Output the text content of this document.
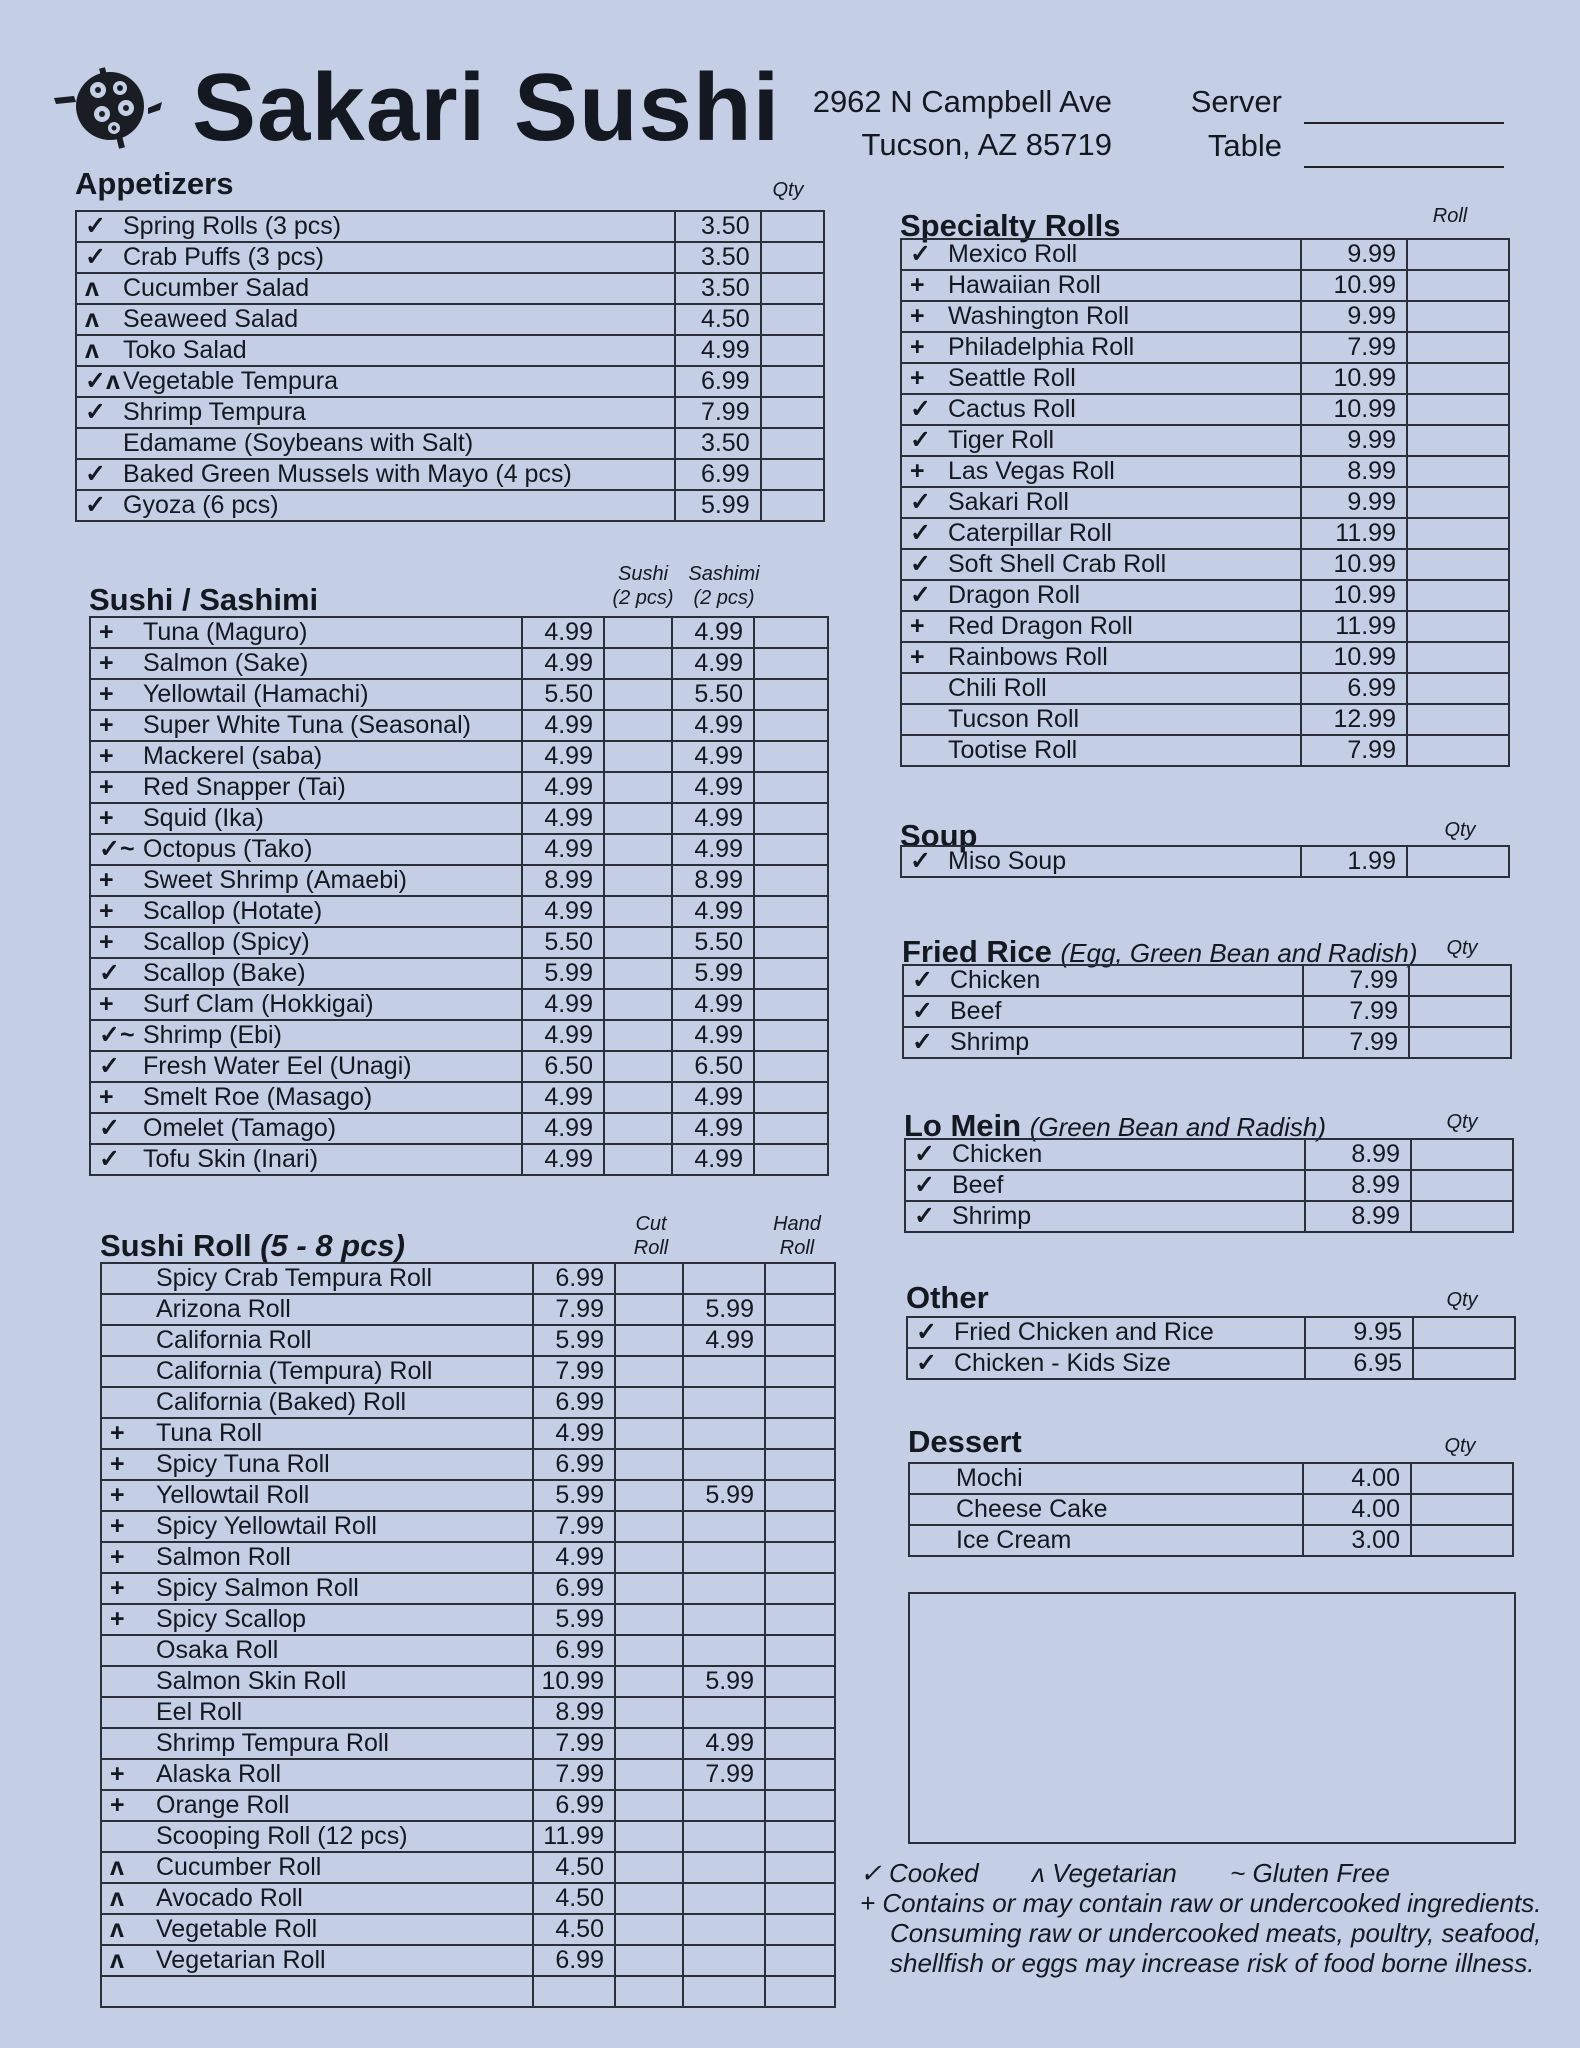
Sakari Sushi	2962 N Campbell Ave
Tucson, AZ 85719
Server
Table
Appetizers	Qty
✓ Spring Rolls (3 pcs)	3.50	
✓ Crab Puffs (3 pcs)	3.50	
ʌ Cucumber Salad	3.50	
ʌ Seaweed Salad	4.50	
ʌ Toko Salad	4.99	
✓ʌ Vegetable Tempura	6.99	
✓ Shrimp Tempura	7.99	
Edamame (Soybeans with Salt)	3.50	
✓ Baked Green Mussels with Mayo (4 pcs)	6.99	
✓ Gyoza (6 pcs)	5.99	
Sushi / Sashimi
Sushi
(2 pcs)
Sashimi
(2 pcs)
+ Tuna (Maguro)	4.99		4.99	
+ Salmon (Sake)	4.99		4.99	
+ Yellowtail (Hamachi)	5.50		5.50	
+ Super White Tuna (Seasonal)	4.99		4.99	
+ Mackerel (saba)	4.99		4.99	
+ Red Snapper (Tai)	4.99		4.99	
+ Squid (Ika)	4.99		4.99	
✓~ Octopus (Tako)	4.99		4.99	
+ Sweet Shrimp (Amaebi)	8.99		8.99	
+ Scallop (Hotate)	4.99		4.99	
+ Scallop (Spicy)	5.50		5.50	
✓ Scallop (Bake)	5.99		5.99	
+ Surf Clam (Hokkigai)	4.99		4.99	
✓~ Shrimp (Ebi)	4.99		4.99	
✓ Fresh Water Eel (Unagi)	6.50		6.50	
+ Smelt Roe (Masago)	4.99		4.99	
✓ Omelet (Tamago)	4.99		4.99	
✓ Tofu Skin (Inari)	4.99		4.99	
Sushi Roll (5 - 8 pcs)
Cut
Roll
Hand
Roll
Spicy Crab Tempura Roll	6.99			
Arizona Roll	7.99		5.99	
California Roll	5.99		4.99	
California (Tempura) Roll	7.99			
California (Baked) Roll	6.99			
+ Tuna Roll	4.99			
+ Spicy Tuna Roll	6.99			
+ Yellowtail Roll	5.99		5.99	
+ Spicy Yellowtail Roll	7.99			
+ Salmon Roll	4.99			
+ Spicy Salmon Roll	6.99			
+ Spicy Scallop	5.99			
Osaka Roll	6.99			
Salmon Skin Roll	10.99		5.99	
Eel Roll	8.99			
Shrimp Tempura Roll	7.99		4.99	
+ Alaska Roll	7.99		7.99	
+ Orange Roll	6.99			
Scooping Roll (12 pcs)	11.99			
ʌ Cucumber Roll	4.50			
ʌ Avocado Roll	4.50			
ʌ Vegetable Roll	4.50			
ʌ Vegetarian Roll	6.99			

Specialty Rolls	Roll
✓ Mexico Roll	9.99	
+ Hawaiian Roll	10.99	
+ Washington Roll	9.99	
+ Philadelphia Roll	7.99	
+ Seattle Roll	10.99	
✓ Cactus Roll	10.99	
✓ Tiger Roll	9.99	
+ Las Vegas Roll	8.99	
✓ Sakari Roll	9.99	
✓ Caterpillar Roll	11.99	
✓ Soft Shell Crab Roll	10.99	
✓ Dragon Roll	10.99	
+ Red Dragon Roll	11.99	
+ Rainbows Roll	10.99	
Chili Roll	6.99	
Tucson Roll	12.99	
Tootise Roll	7.99	
Soup	Qty
✓ Miso Soup	1.99	
Fried Rice (Egg, Green Bean and Radish)	Qty
✓ Chicken	7.99	
✓ Beef	7.99	
✓ Shrimp	7.99	
Lo Mein (Green Bean and Radish)	Qty
✓ Chicken	8.99	
✓ Beef	8.99	
✓ Shrimp	8.99	
Other	Qty
✓ Fried Chicken and Rice	9.95	
✓ Chicken - Kids Size	6.95	
Dessert	Qty
Mochi	4.00	
Cheese Cake	4.00	
Ice Cream	3.00	
✓ Cooked ʌ Vegetarian ~ Gluten Free
+ Contains or may contain raw or undercooked ingredients.
Consuming raw or undercooked meats, poultry, seafood,
shellfish or eggs may increase risk of food borne illness.
